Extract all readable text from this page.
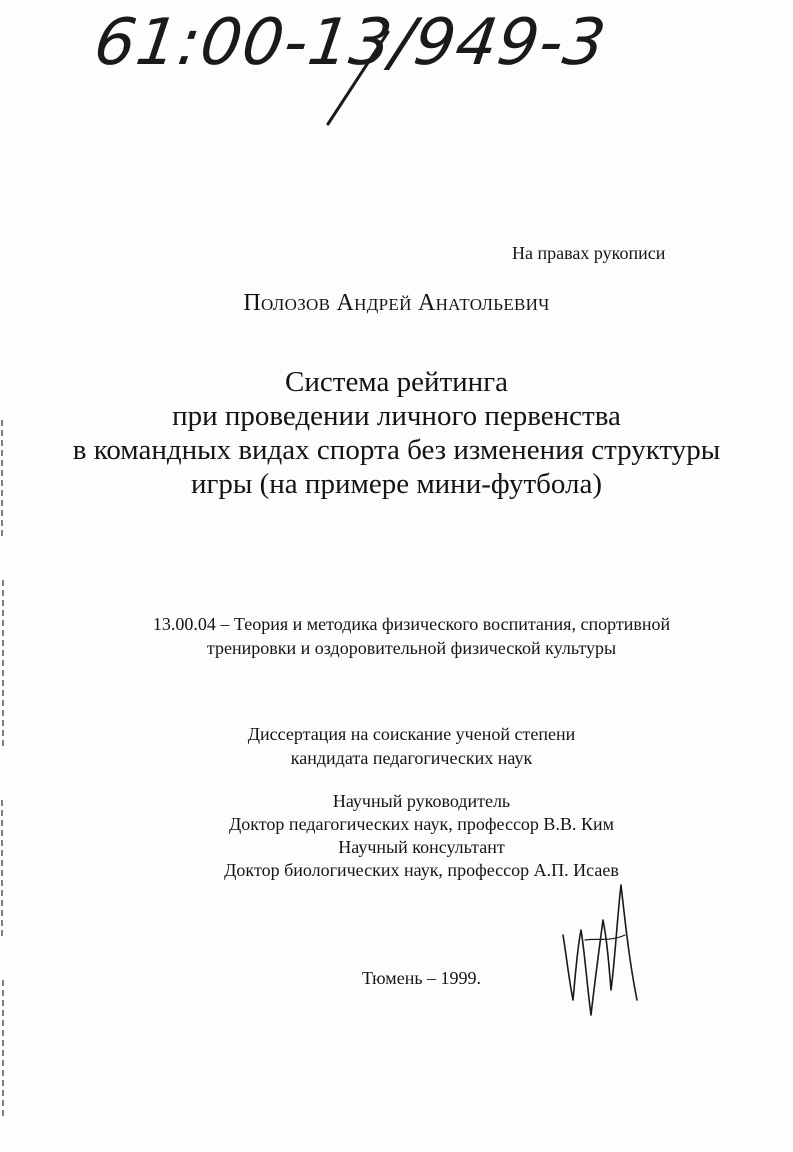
61:00-13/949-3
На правах рукописи
Полозов Андрей Анатольевич
Система рейтинга
при проведении личного первенства
в командных видах спорта без изменения структуры
игры (на примере мини-футбола)
13.00.04 – Теория и методика физического воспитания, спортивной
тренировки и оздоровительной физической культуры
Диссертация на соискание ученой степени
кандидата педагогических наук
Научный руководитель
Доктор педагогических наук, профессор В.В. Ким
Научный консультант
Доктор биологических наук, профессор А.П. Исаев
Тюмень – 1999.
